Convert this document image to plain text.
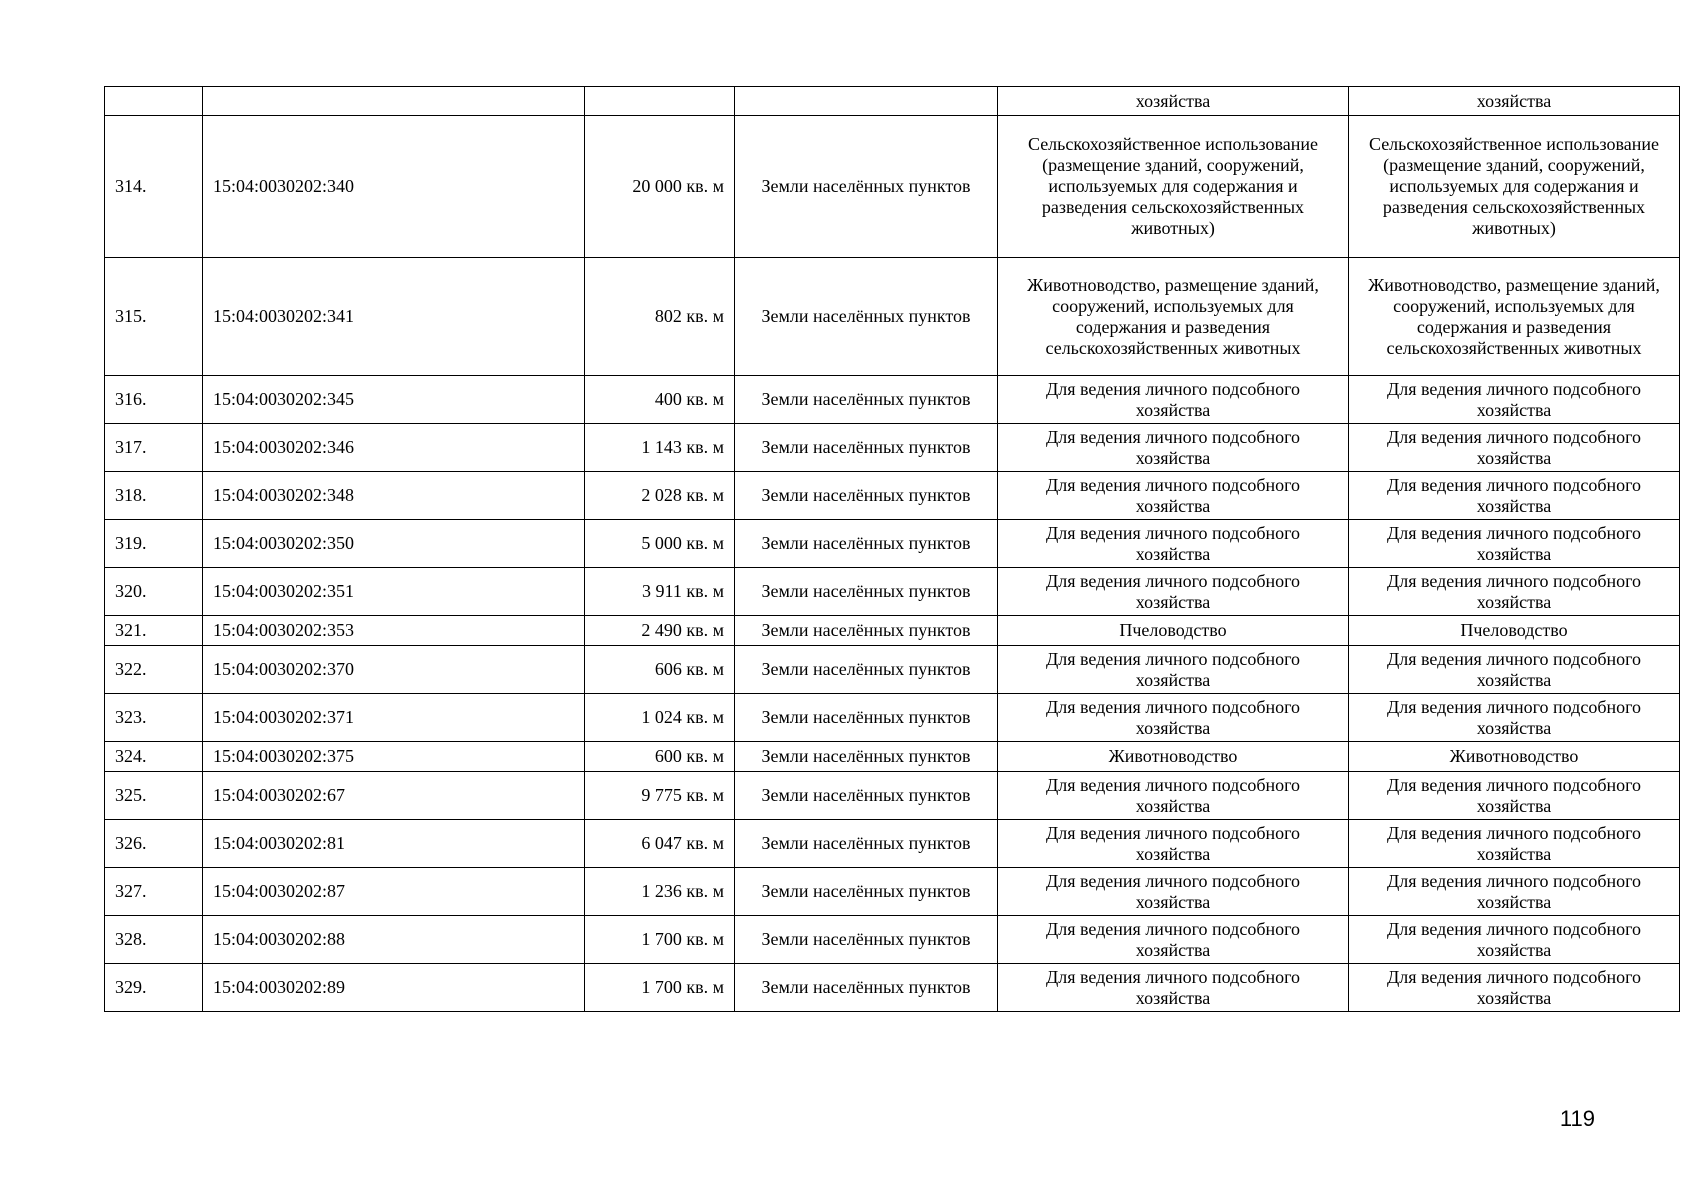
				хозяйства	хозяйства
314.	15:04:0030202:340	20 000 кв. м	Земли населённых пунктов	Сельскохозяйственное использование (размещение зданий, сооружений, используемых для содержания и разведения сельскохозяйственных животных)	Сельскохозяйственное использование (размещение зданий, сооружений, используемых для содержания и разведения сельскохозяйственных животных)
315.	15:04:0030202:341	802 кв. м	Земли населённых пунктов	Животноводство, размещение зданий, сооружений, используемых для содержания и разведения сельскохозяйственных животных	Животноводство, размещение зданий, сооружений, используемых для содержания и разведения сельскохозяйственных животных
316.	15:04:0030202:345	400 кв. м	Земли населённых пунктов	Для ведения личного подсобного хозяйства	Для ведения личного подсобного хозяйства
317.	15:04:0030202:346	1 143 кв. м	Земли населённых пунктов	Для ведения личного подсобного хозяйства	Для ведения личного подсобного хозяйства
318.	15:04:0030202:348	2 028 кв. м	Земли населённых пунктов	Для ведения личного подсобного хозяйства	Для ведения личного подсобного хозяйства
319.	15:04:0030202:350	5 000 кв. м	Земли населённых пунктов	Для ведения личного подсобного хозяйства	Для ведения личного подсобного хозяйства
320.	15:04:0030202:351	3 911 кв. м	Земли населённых пунктов	Для ведения личного подсобного хозяйства	Для ведения личного подсобного хозяйства
321.	15:04:0030202:353	2 490 кв. м	Земли населённых пунктов	Пчеловодство	Пчеловодство
322.	15:04:0030202:370	606 кв. м	Земли населённых пунктов	Для ведения личного подсобного хозяйства	Для ведения личного подсобного хозяйства
323.	15:04:0030202:371	1 024 кв. м	Земли населённых пунктов	Для ведения личного подсобного хозяйства	Для ведения личного подсобного хозяйства
324.	15:04:0030202:375	600 кв. м	Земли населённых пунктов	Животноводство	Животноводство
325.	15:04:0030202:67	9 775 кв. м	Земли населённых пунктов	Для ведения личного подсобного хозяйства	Для ведения личного подсобного хозяйства
326.	15:04:0030202:81	6 047 кв. м	Земли населённых пунктов	Для ведения личного подсобного хозяйства	Для ведения личного подсобного хозяйства
327.	15:04:0030202:87	1 236 кв. м	Земли населённых пунктов	Для ведения личного подсобного хозяйства	Для ведения личного подсобного хозяйства
328.	15:04:0030202:88	1 700 кв. м	Земли населённых пунктов	Для ведения личного подсобного хозяйства	Для ведения личного подсобного хозяйства
329.	15:04:0030202:89	1 700 кв. м	Земли населённых пунктов	Для ведения личного подсобного хозяйства	Для ведения личного подсобного хозяйства
119
